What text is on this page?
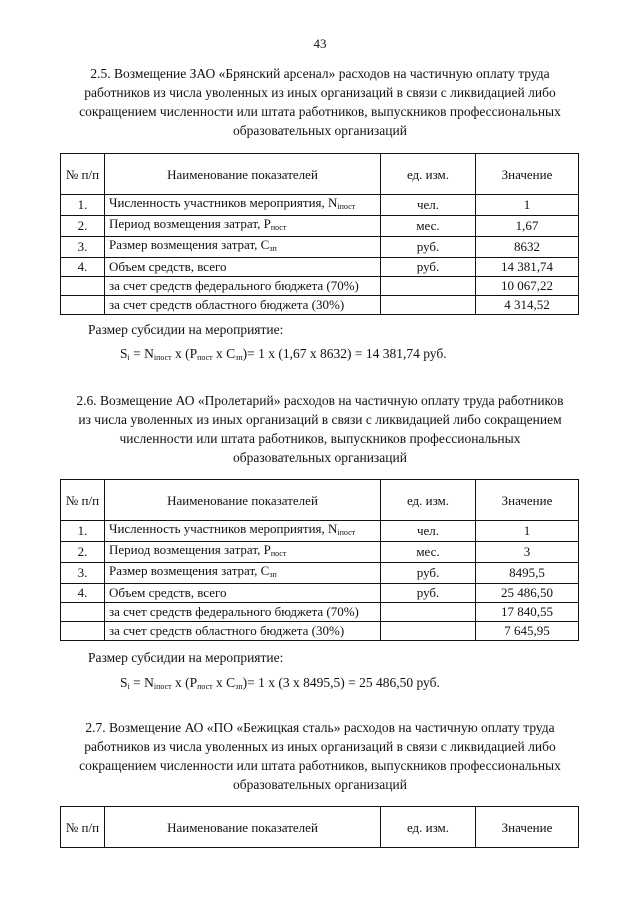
43
2.5. Возмещение ЗАО «Брянский арсенал» расходов на частичную оплату труда работников из числа уволенных из иных организаций в связи с ликвидацией либо сокращением численности или штата работников, выпускников профессиональных образовательных организаций
№ п/п	Наименование показателей	ед. изм.	Значение
1.	Численность участников мероприятия, $N_{iпост}$	чел.	1
2.	Период возмещения затрат, $P_{пост}$	мес.	1,67
3.	Размер возмещения затрат, $C_{зп}$	руб.	8632
4.	Объем средств, всего	руб.	14 381,74
	за счет средств федерального бюджета (70%)		10 067,22
	за счет средств областного бюджета (30%)		4 314,52
Размер субсидии на мероприятие:
$S_i = N_{iпост}$ х ($P_{пост}$ х $C_{зп})= 1$ х (1,67 х 8632) = 14 381,74 руб.
2.6. Возмещение АО «Пролетарий» расходов на частичную оплату труда работников из числа уволенных из иных организаций в связи с ликвидацией либо сокращением численности или штата работников, выпускников профессиональных образовательных организаций
№ п/п	Наименование показателей	ед. изм.	Значение
1.	Численность участников мероприятия, $N_{iпост}$	чел.	1
2.	Период возмещения затрат, $P_{пост}$	мес.	3
3.	Размер возмещения затрат, $C_{зп}$	руб.	8495,5
4.	Объем средств, всего	руб.	25 486,50
	за счет средств федерального бюджета (70%)		17 840,55
	за счет средств областного бюджета (30%)		7 645,95
Размер субсидии на мероприятие:
$S_i = N_{iпост}$ х ($P_{пост}$ х $C_{зп})= 1$ х (3 х 8495,5) = 25 486,50 руб.
2.7. Возмещение АО «ПО «Бежицкая сталь» расходов на частичную оплату труда работников из числа уволенных из иных организаций в связи с ликвидацией либо сокращением численности или штата работников, выпускников профессиональных образовательных организаций
№ п/п	Наименование показателей	ед. изм.	Значение
